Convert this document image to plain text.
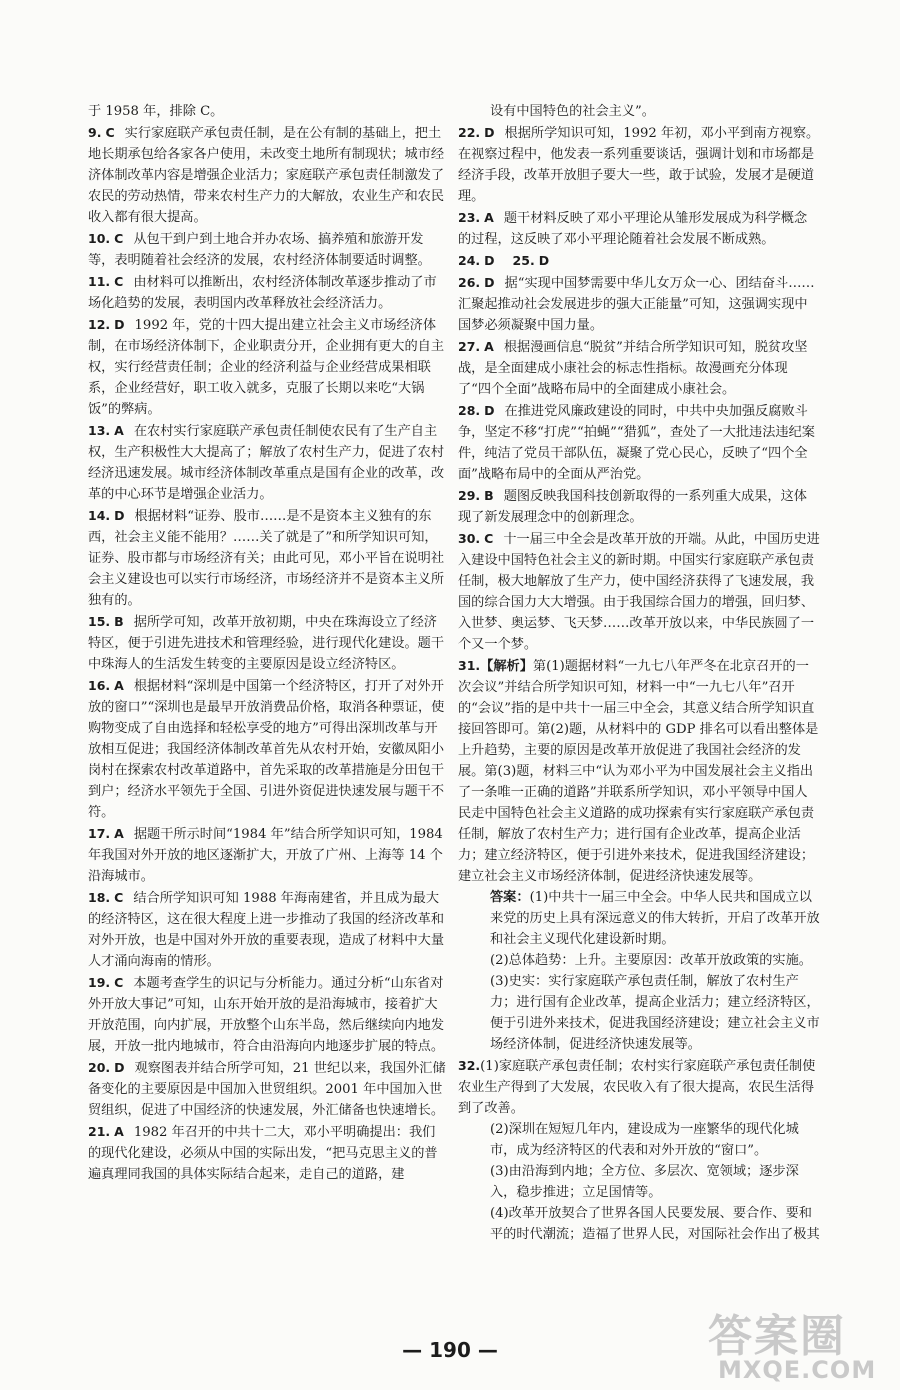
于 1958 年，排除 C。
9. C 实行家庭联产承包责任制，是在公有制的基础上，把土地长期承包给各家各户使用，未改变土地所有制现状；城市经济体制改革内容是增强企业活力；家庭联产承包责任制激发了农民的劳动热情，带来农村生产力的大解放，农业生产和农民收入都有很大提高。
10. C 从包干到户到土地合并办农场、搞养殖和旅游开发等，表明随着社会经济的发展，农村经济体制要适时调整。
11. C 由材料可以推断出，农村经济体制改革逐步推动了市场化趋势的发展，表明国内改革释放社会经济活力。
12. D 1992 年，党的十四大提出建立社会主义市场经济体制，在市场经济体制下，企业职责分开，企业拥有更大的自主权，实行经营责任制；企业的经济利益与企业经营成果相联系，企业经营好，职工收入就多，克服了长期以来吃“大锅饭”的弊病。
13. A 在农村实行家庭联产承包责任制使农民有了生产自主权，生产积极性大大提高了；解放了农村生产力，促进了农村经济迅速发展。城市经济体制改革重点是国有企业的改革，改革的中心环节是增强企业活力。
14. D 根据材料“证券、股市……是不是资本主义独有的东西，社会主义能不能用？……关了就是了”和所学知识可知，证券、股市都与市场经济有关；由此可见，邓小平旨在说明社会主义建设也可以实行市场经济，市场经济并不是资本主义所独有的。
15. B 据所学可知，改革开放初期，中央在珠海设立了经济特区，便于引进先进技术和管理经验，进行现代化建设。题干中珠海人的生活发生转变的主要原因是设立经济特区。
16. A 根据材料“深圳是中国第一个经济特区，打开了对外开放的窗口”“深圳也是最早开放消费品价格，取消各种票证，使购物变成了自由选择和轻松享受的地方”可得出深圳改革与开放相互促进；我国经济体制改革首先从农村开始，安徽凤阳小岗村在探索农村改革道路中，首先采取的改革措施是分田包干到户；经济水平领先于全国、引进外资促进快速发展与题干不符。
17. A 据题干所示时间“1984 年”结合所学知识可知，1984 年我国对外开放的地区逐渐扩大，开放了广州、上海等 14 个沿海城市。
18. C 结合所学知识可知 1988 年海南建省，并且成为最大的经济特区，这在很大程度上进一步推动了我国的经济改革和对外开放，也是中国对外开放的重要表现，造成了材料中大量人才涌向海南的情形。
19. C 本题考查学生的识记与分析能力。通过分析“山东省对外开放大事记”可知，山东开始开放的是沿海城市，接着扩大开放范围，向内扩展，开放整个山东半岛，然后继续向内地发展，开放一批内地城市，符合由沿海向内地逐步扩展的特点。
20. D 观察图表并结合所学可知，21 世纪以来，我国外汇储备变化的主要原因是中国加入世贸组织。2001 年中国加入世贸组织，促进了中国经济的快速发展，外汇储备也快速增长。
21. A 1982 年召开的中共十二大，邓小平明确提出：我们的现代化建设，必须从中国的实际出发，“把马克思主义的普遍真理同我国的具体实际结合起来，走自己的道路，建
设有中国特色的社会主义”。
22. D 根据所学知识可知，1992 年初，邓小平到南方视察。在视察过程中，他发表一系列重要谈话，强调计划和市场都是经济手段，改革开放胆子要大一些，敢于试验，发展才是硬道理。
23. A 题干材料反映了邓小平理论从雏形发展成为科学概念的过程，这反映了邓小平理论随着社会发展不断成熟。
24. D 25. D
26. D 据“实现中国梦需要中华儿女万众一心、团结奋斗……汇聚起推动社会发展进步的强大正能量”可知，这强调实现中国梦必须凝聚中国力量。
27. A 根据漫画信息“脱贫”并结合所学知识可知，脱贫攻坚战，是全面建成小康社会的标志性指标。故漫画充分体现了“四个全面”战略布局中的全面建成小康社会。
28. D 在推进党风廉政建设的同时，中共中央加强反腐败斗争，坚定不移“打虎”“拍蝇”“猎狐”，查处了一大批违法违纪案件，纯洁了党员干部队伍，凝聚了党心民心，反映了“四个全面”战略布局中的全面从严治党。
29. B 题图反映我国科技创新取得的一系列重大成果，这体现了新发展理念中的创新理念。
30. C 十一届三中全会是改革开放的开端。从此，中国历史进入建设中国特色社会主义的新时期。中国实行家庭联产承包责任制，极大地解放了生产力，使中国经济获得了飞速发展，我国的综合国力大大增强。由于我国综合国力的增强，回归梦、入世梦、奥运梦、飞天梦……改革开放以来，中华民族圆了一个又一个梦。
31.【解析】第(1)题据材料“一九七八年严冬在北京召开的一次会议”并结合所学知识可知，材料一中“一九七八年”召开的“会议”指的是中共十一届三中全会，其意义结合所学知识直接回答即可。第(2)题，从材料中的 GDP 排名可以看出整体是上升趋势，主要的原因是改革开放促进了我国社会经济的发展。第(3)题，材料三中“认为邓小平为中国发展社会主义指出了一条唯一正确的道路”并联系所学知识，邓小平领导中国人民走中国特色社会主义道路的成功探索有实行家庭联产承包责任制，解放了农村生产力；进行国有企业改革，提高企业活力；建立经济特区，便于引进外来技术，促进我国经济建设；建立社会主义市场经济体制，促进经济快速发展等。
答案：(1)中共十一届三中全会。中华人民共和国成立以来党的历史上具有深远意义的伟大转折，开启了改革开放和社会主义现代化建设新时期。
(2)总体趋势：上升。主要原因：改革开放政策的实施。
(3)史实：实行家庭联产承包责任制，解放了农村生产力；进行国有企业改革，提高企业活力；建立经济特区，便于引进外来技术，促进我国经济建设；建立社会主义市场经济体制，促进经济快速发展等。
32.(1)家庭联产承包责任制；农村实行家庭联产承包责任制使农业生产得到了大发展，农民收入有了很大提高，农民生活得到了改善。
(2)深圳在短短几年内，建设成为一座繁华的现代化城市，成为经济特区的代表和对外开放的“窗口”。
(3)由沿海到内地；全方位、多层次、宽领域；逐步深入，稳步推进；立足国情等。
(4)改革开放契合了世界各国人民要发展、要合作、要和平的时代潮流；造福了世界人民，对国际社会作出了极其
— 190 —	答案圈
MXQE.COM
